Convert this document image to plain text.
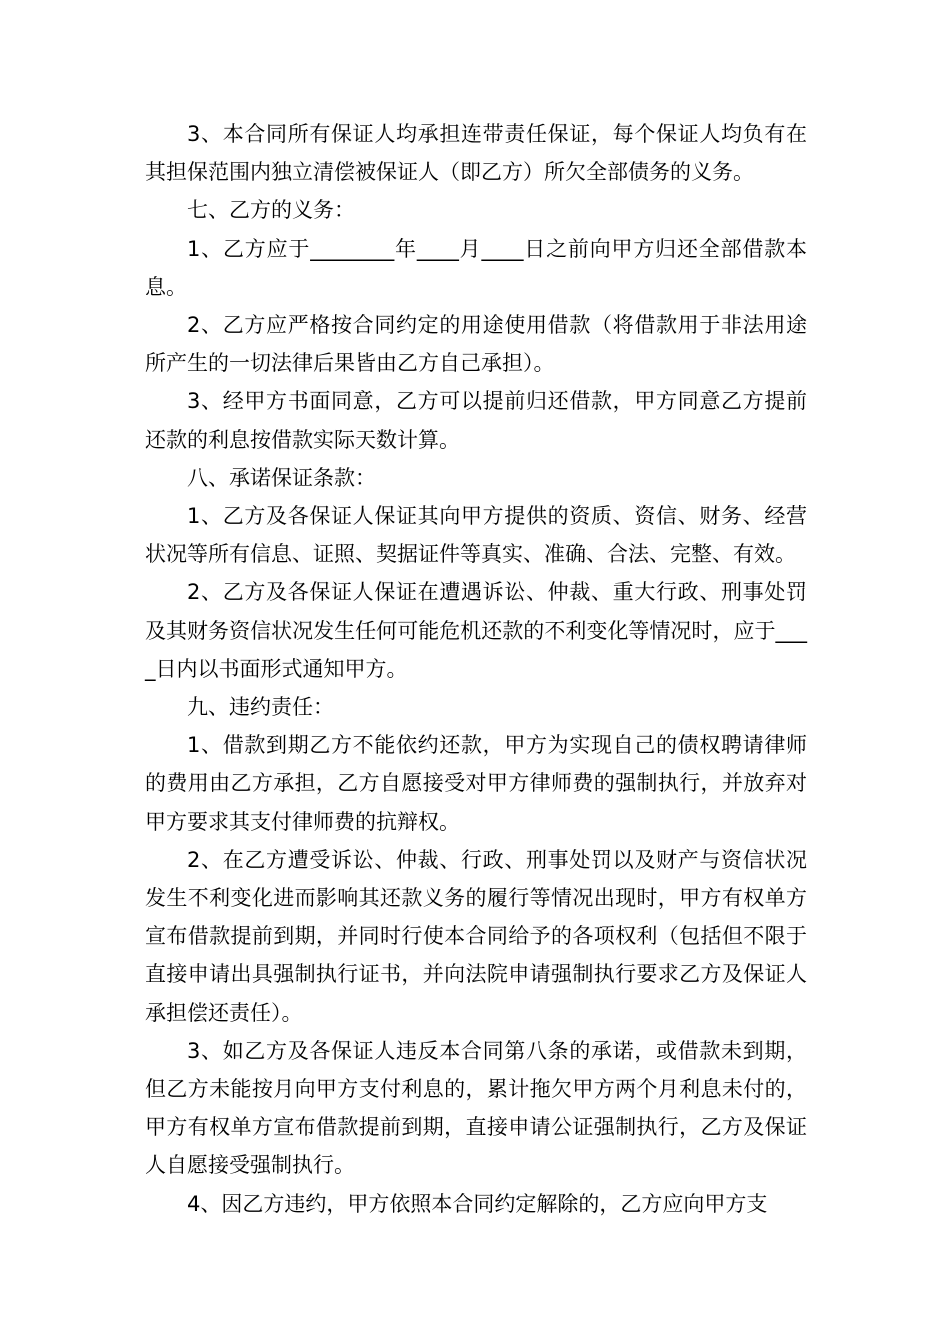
3、本合同所有保证人均承担连带责任保证，每个保证人均负有在其担保范围内独立清偿被保证人（即乙方）所欠全部债务的义务。

七、乙方的义务：

1、乙方应于________年____月____日之前向甲方归还全部借款本息。

2、乙方应严格按合同约定的用途使用借款（将借款用于非法用途所产生的一切法律后果皆由乙方自己承担）。

3、经甲方书面同意，乙方可以提前归还借款，甲方同意乙方提前还款的利息按借款实际天数计算。

八、承诺保证条款：

1、乙方及各保证人保证其向甲方提供的资质、资信、财务、经营状况等所有信息、证照、契据证件等真实、准确、合法、完整、有效。

2、乙方及各保证人保证在遭遇诉讼、仲裁、重大行政、刑事处罚及其财务资信状况发生任何可能危机还款的不利变化等情况时，应于____日内以书面形式通知甲方。

九、违约责任：

1、借款到期乙方不能依约还款，甲方为实现自己的债权聘请律师的费用由乙方承担，乙方自愿接受对甲方律师费的强制执行，并放弃对甲方要求其支付律师费的抗辩权。

2、在乙方遭受诉讼、仲裁、行政、刑事处罚以及财产与资信状况发生不利变化进而影响其还款义务的履行等情况出现时，甲方有权单方宣布借款提前到期，并同时行使本合同给予的各项权利（包括但不限于直接申请出具强制执行证书，并向法院申请强制执行要求乙方及保证人承担偿还责任）。

3、如乙方及各保证人违反本合同第八条的承诺，或借款未到期，但乙方未能按月向甲方支付利息的，累计拖欠甲方两个月利息未付的，甲方有权单方宣布借款提前到期，直接申请公证强制执行，乙方及保证人自愿接受强制执行。

4、因乙方违约，甲方依照本合同约定解除的，乙方应向甲方支
